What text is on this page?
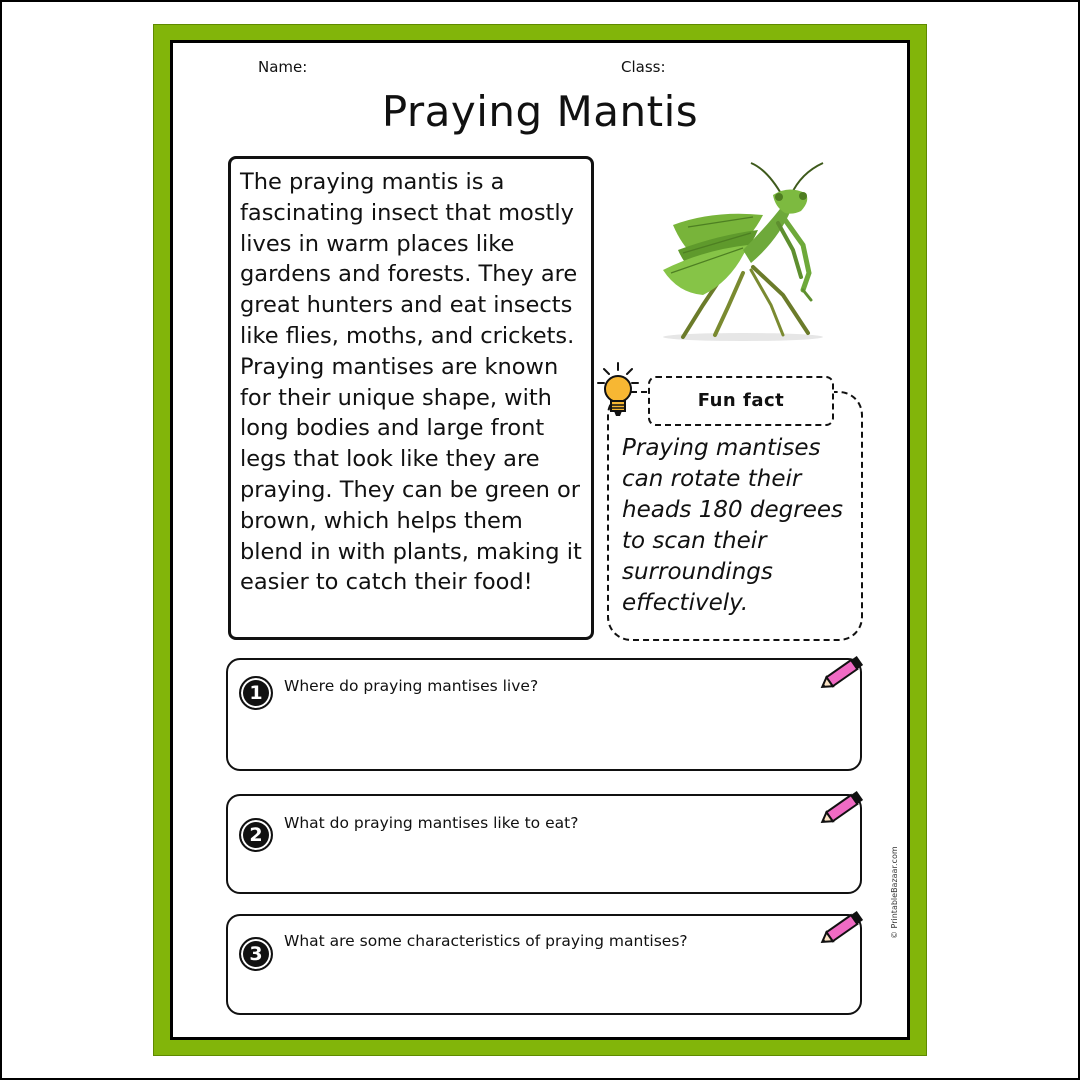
Name:	Class:
Praying Mantis
The praying mantis is a fascinating insect that mostly lives in warm places like gardens and forests. They are great hunters and eat insects like flies, moths, and crickets. Praying mantises are known for their unique shape, with long bodies and large front legs that look like they are praying. They can be green or brown, which helps them blend in with plants, making it easier to catch their food!
Fun fact
Praying mantises can rotate their heads 180 degrees to scan their surroundings effectively.
1	Where do praying mantises live?
2
What do praying mantises like to eat?
3
What are some characteristics of praying mantises?
© PrintableBazaar.com
